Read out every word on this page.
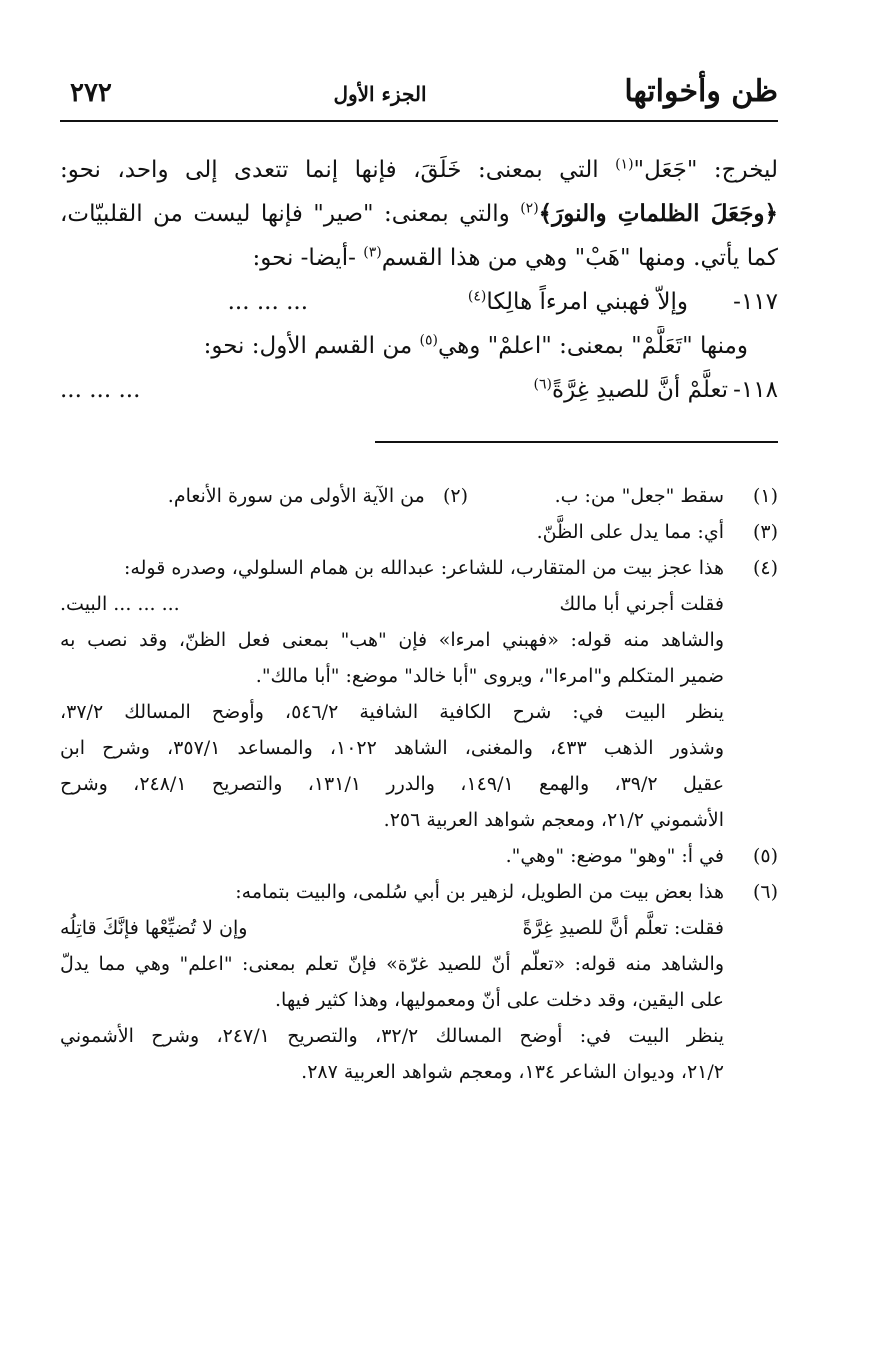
ظن وأخواتها
الجزء الأول
٢٧٢
ليخرج: "جَعَل"$^{(١)}$ التي بمعنى: خَلَقَ، فإنها إنما تتعدى إلى واحد، نحو:
﴿وجَعَلَ الظلماتِ والنورَ﴾$^{(٢)}$ والتي بمعنى: "صير" فإنها ليست من القلبيّات،
كما يأتي. ومنها "هَبْ" وهي من هذا القسم$^{(٣)}$ -أيضا- نحو:
١١٧-
... ... ...	وإلاّ فهبني امرءاً هالِكا$^{(٤)}$
ومنها "تَعَلَّمْ" بمعنى: "اعلمْ" وهي$^{(٥)}$ من القسم الأول: نحو:
١١٨-
تعلَّمْ أنَّ للصيدِ غِرَّةً$^{(٦)}$
... ... ...
(١)
سقط "جعل" من: ب.
(٢)   من الآية الأولى من سورة الأنعام.
(٣)
أي: مما يدل على الظَّنّ.
(٤)
هذا عجز بيت من المتقارب، للشاعر: عبدالله بن همام السلولي، وصدره قوله:
فقلت أجرني أبا مالك
... ... ... البيت.
والشاهد منه قوله: «فهبني امرءا» فإن "هب" بمعنى فعل الظنّ، وقد نصب به
ضمير المتكلم و"امرءا"، ويروى "أبا خالد" موضع: "أبا مالك".
ينظر البيت في: شرح الكافية الشافية ٥٤٦/٢، وأوضح المسالك ٣٧/٢،
وشذور الذهب ٤٣٣، والمغنى، الشاهد ١٠٢٢، والمساعد ٣٥٧/١، وشرح ابن
عقيل ٣٩/٢، والهمع ١٤٩/١، والدرر ١٣١/١، والتصريح ٢٤٨/١، وشرح
الأشموني ٢١/٢، ومعجم شواهد العربية ٢٥٦.
(٥)
في أ: "وهو" موضع: "وهي".
(٦)
هذا بعض بيت من الطويل، لزهير بن أبي سُلمى، والبيت بتمامه:
فقلت: تعلَّم أنَّ للصيدِ غِرَّةً
وإن لا تُضيِّعْها فإنَّكَ قاتِلُه
والشاهد منه قوله: «تعلّم أنّ للصيد غرّة» فإنّ تعلم بمعنى: "اعلم" وهي مما يدلّ
على اليقين، وقد دخلت على أنّ ومعموليها، وهذا كثير فيها.
ينظر البيت في: أوضح المسالك ٣٢/٢، والتصريح ٢٤٧/١، وشرح الأشموني
٢١/٢، وديوان الشاعر ١٣٤، ومعجم شواهد العربية ٢٨٧.
